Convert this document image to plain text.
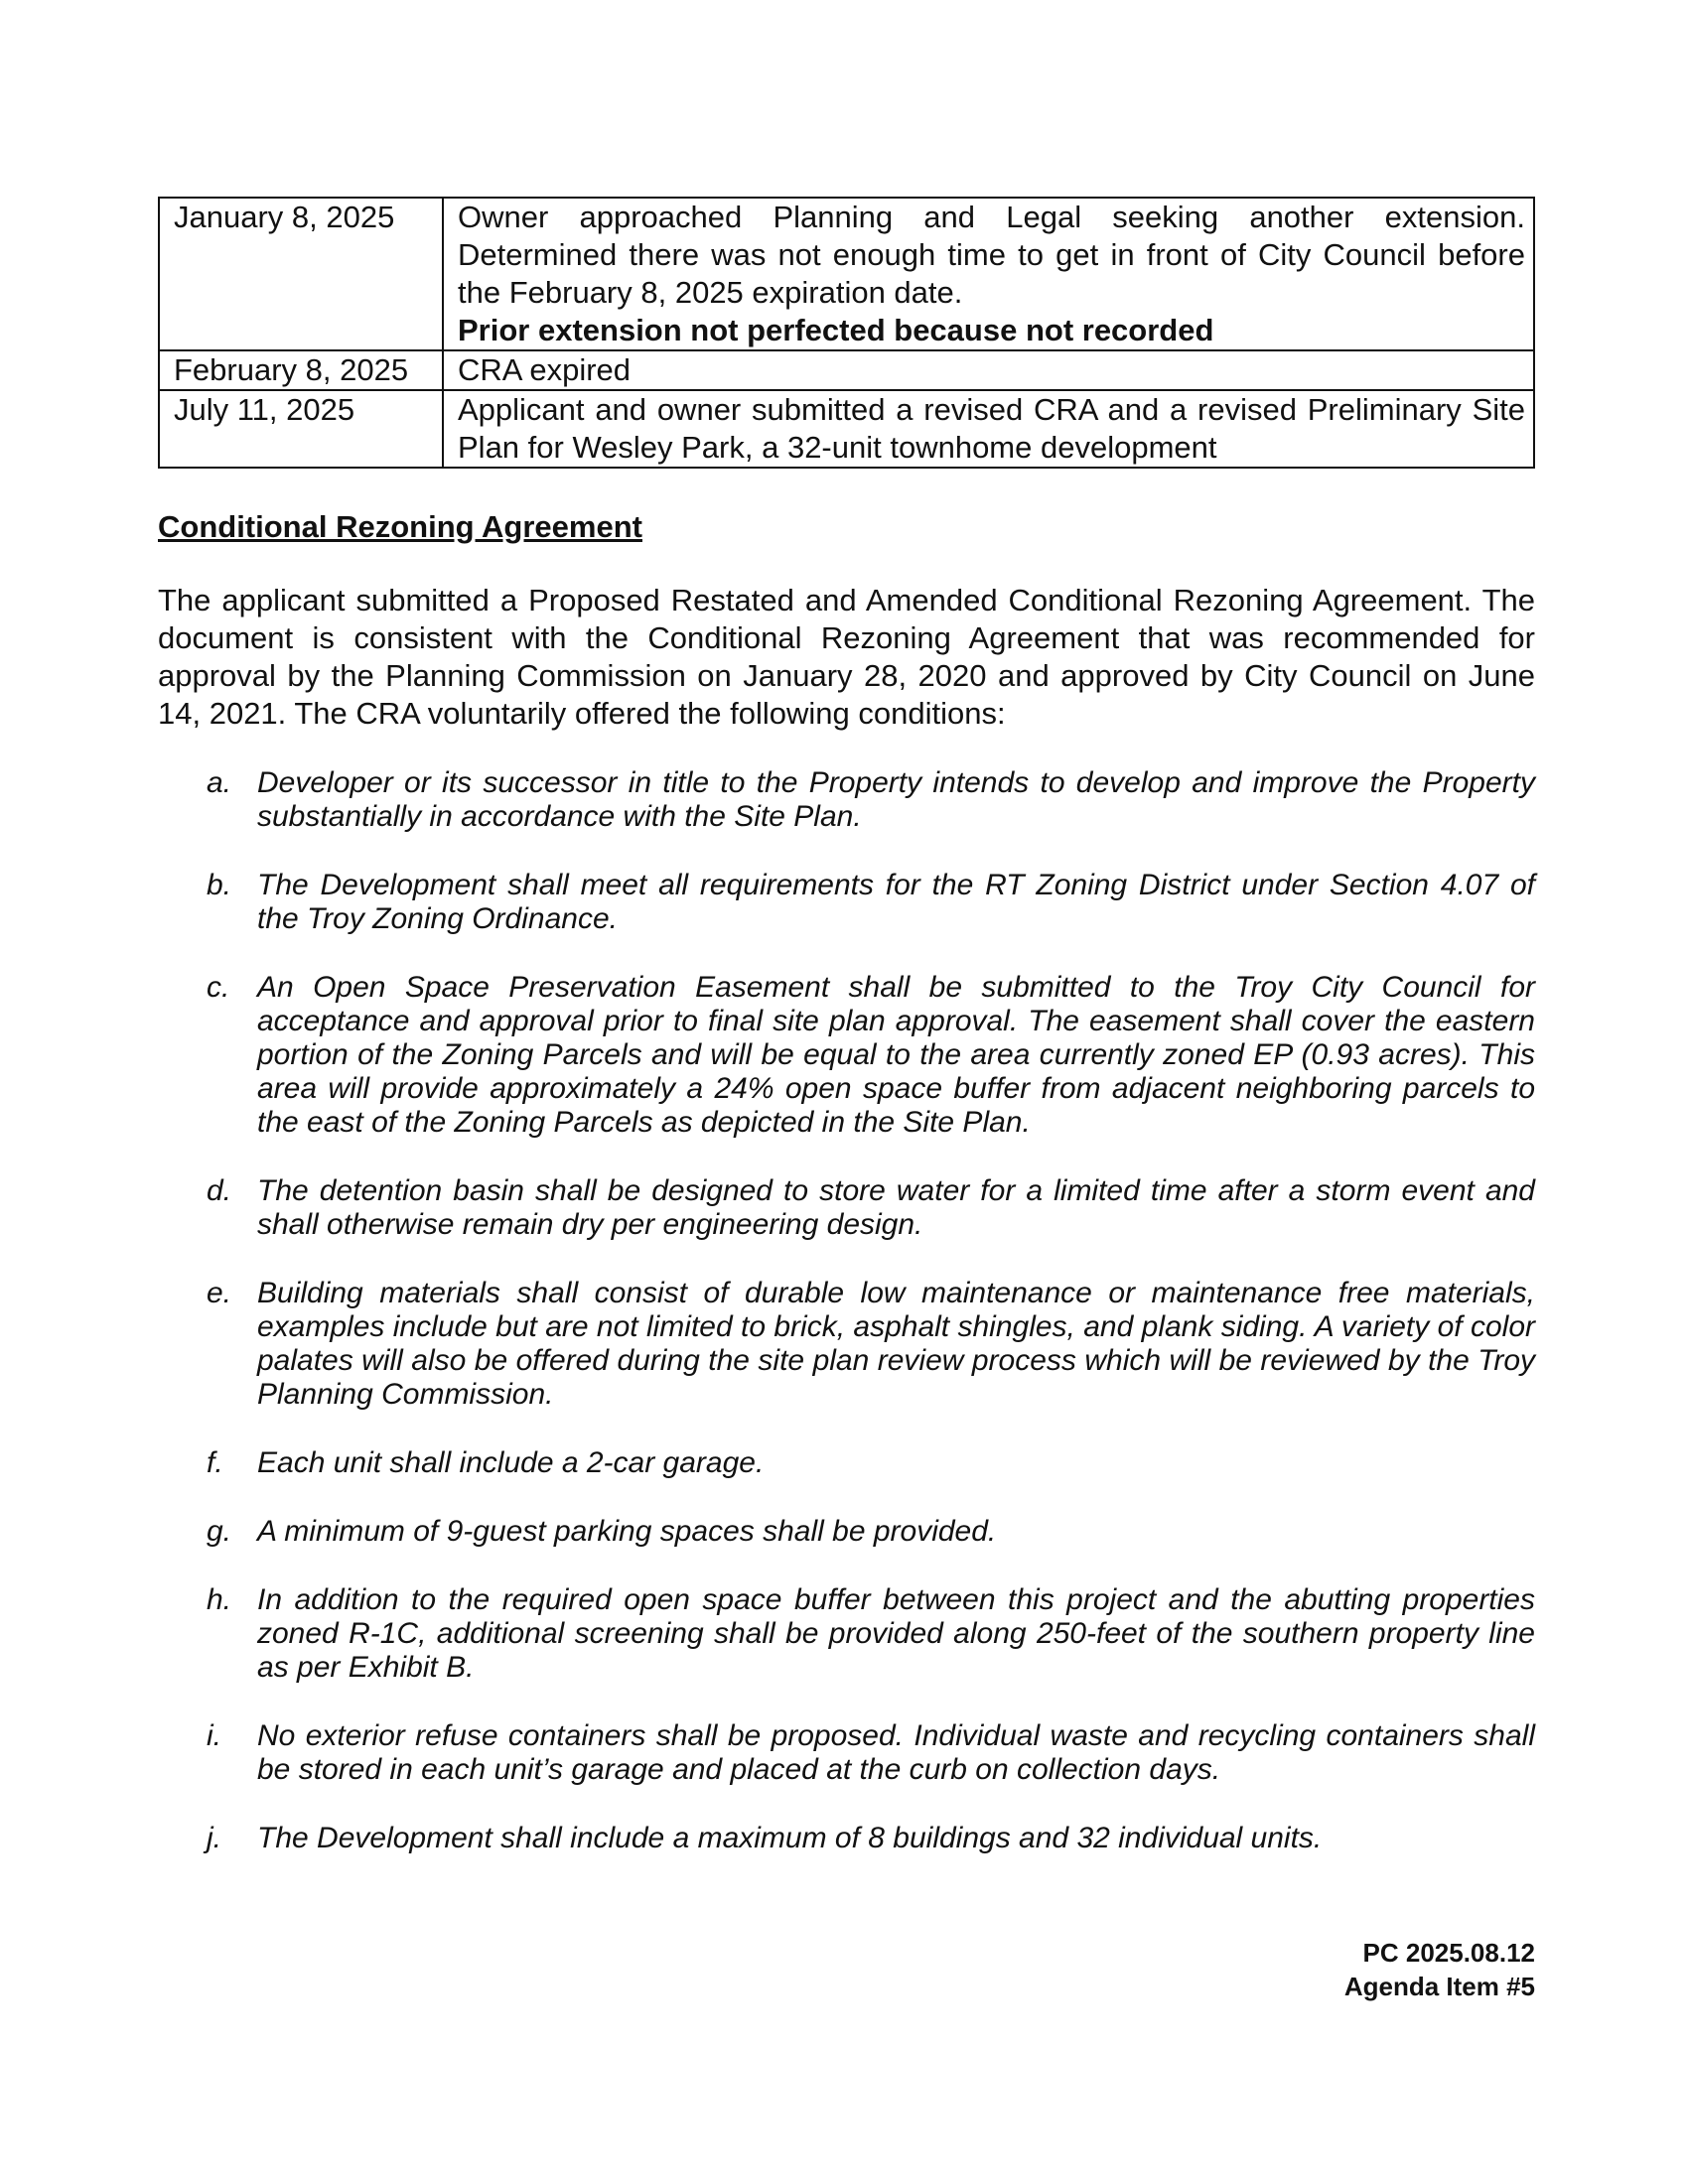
January 8, 2025	Owner approached Planning and Legal seeking another extension. Determined there was not enough time to get in front of City Council before the February 8, 2025 expiration date.
Prior extension not perfected because not recorded

February 8, 2025	CRA expired

July 11, 2025	Applicant and owner submitted a revised CRA and a revised Preliminary Site Plan for Wesley Park, a 32-unit townhome development
Conditional Rezoning Agreement
The applicant submitted a Proposed Restated and Amended Conditional Rezoning Agreement. The document is consistent with the Conditional Rezoning Agreement that was recommended for approval by the Planning Commission on January 28, 2020 and approved by City Council on June 14, 2021. The CRA voluntarily offered the following conditions:
a. Developer or its successor in title to the Property intends to develop and improve the Property substantially in accordance with the Site Plan.
b. The Development shall meet all requirements for the RT Zoning District under Section 4.07 of the Troy Zoning Ordinance.
c. An Open Space Preservation Easement shall be submitted to the Troy City Council for acceptance and approval prior to final site plan approval. The easement shall cover the eastern portion of the Zoning Parcels and will be equal to the area currently zoned EP (0.93 acres). This area will provide approximately a 24% open space buffer from adjacent neighboring parcels to the east of the Zoning Parcels as depicted in the Site Plan.
d. The detention basin shall be designed to store water for a limited time after a storm event and shall otherwise remain dry per engineering design.
e. Building materials shall consist of durable low maintenance or maintenance free materials, examples include but are not limited to brick, asphalt shingles, and plank siding. A variety of color palates will also be offered during the site plan review process which will be reviewed by the Troy Planning Commission.
f. Each unit shall include a 2-car garage.
g. A minimum of 9-guest parking spaces shall be provided.
h. In addition to the required open space buffer between this project and the abutting properties zoned R-1C, additional screening shall be provided along 250-feet of the southern property line as per Exhibit B.
i. No exterior refuse containers shall be proposed. Individual waste and recycling containers shall be stored in each unit’s garage and placed at the curb on collection days.
j. The Development shall include a maximum of 8 buildings and 32 individual units.
PC 2025.08.12
Agenda Item #5
